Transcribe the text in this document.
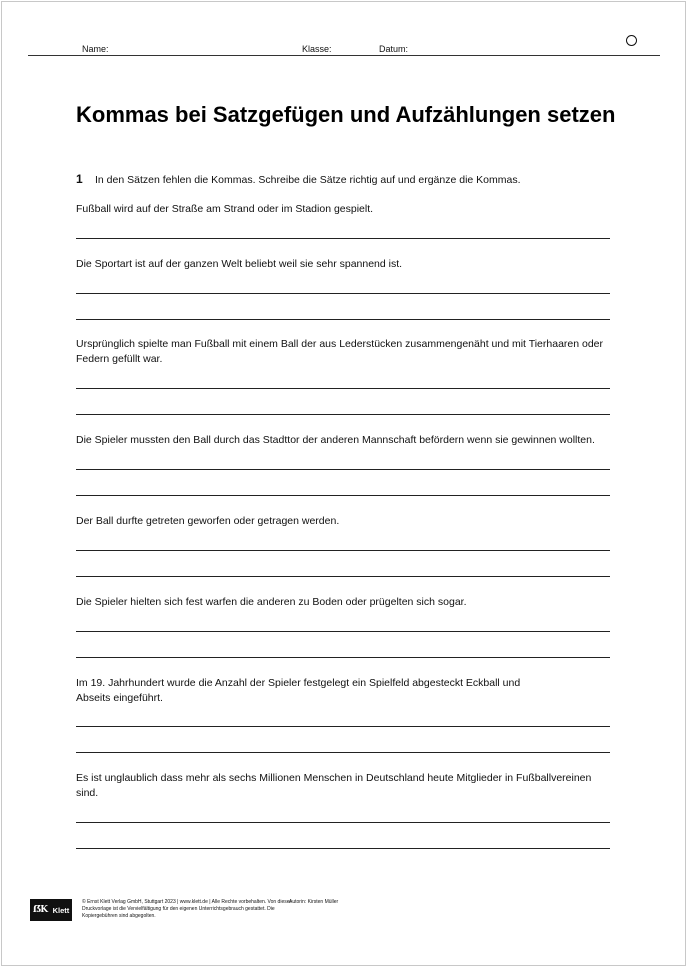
Name:	Klasse:	Datum:
Kommas bei Satzgefügen und Aufzählungen setzen
1 In den Sätzen fehlen die Kommas. Schreibe die Sätze richtig auf und ergänze die Kommas.

Fußball wird auf der Straße am Strand oder im Stadion gespielt.

Die Sportart ist auf der ganzen Welt beliebt weil sie sehr spannend ist.

Ursprünglich spielte man Fußball mit einem Ball der aus Lederstücken zusammengenäht und mit Tierhaaren oder Federn gefüllt war.

Die Spieler mussten den Ball durch das Stadttor der anderen Mannschaft befördern wenn sie gewinnen wollten.

Der Ball durfte getreten geworfen oder getragen werden.

Die Spieler hielten sich fest warfen die anderen zu Boden oder prügelten sich sogar.

Im 19. Jahrhundert wurde die Anzahl der Spieler festgelegt ein Spielfeld abgesteckt Eckball und Abseits eingeführt.

Es ist unglaublich dass mehr als sechs Millionen Menschen in Deutschland heute Mitglieder in Fußballvereinen sind.

ẞK Klett

© Ernst Klett Verlag GmbH, Stuttgart 2023 | www.klett.de | Alle Rechte vorbehalten. Von dieser Druckvorlage ist die Vervielfältigung für den eigenen Unterrichtsgebrauch gestattet. Die Kopiergebühren sind abgegolten.

Autorin: Kirsten Müller
